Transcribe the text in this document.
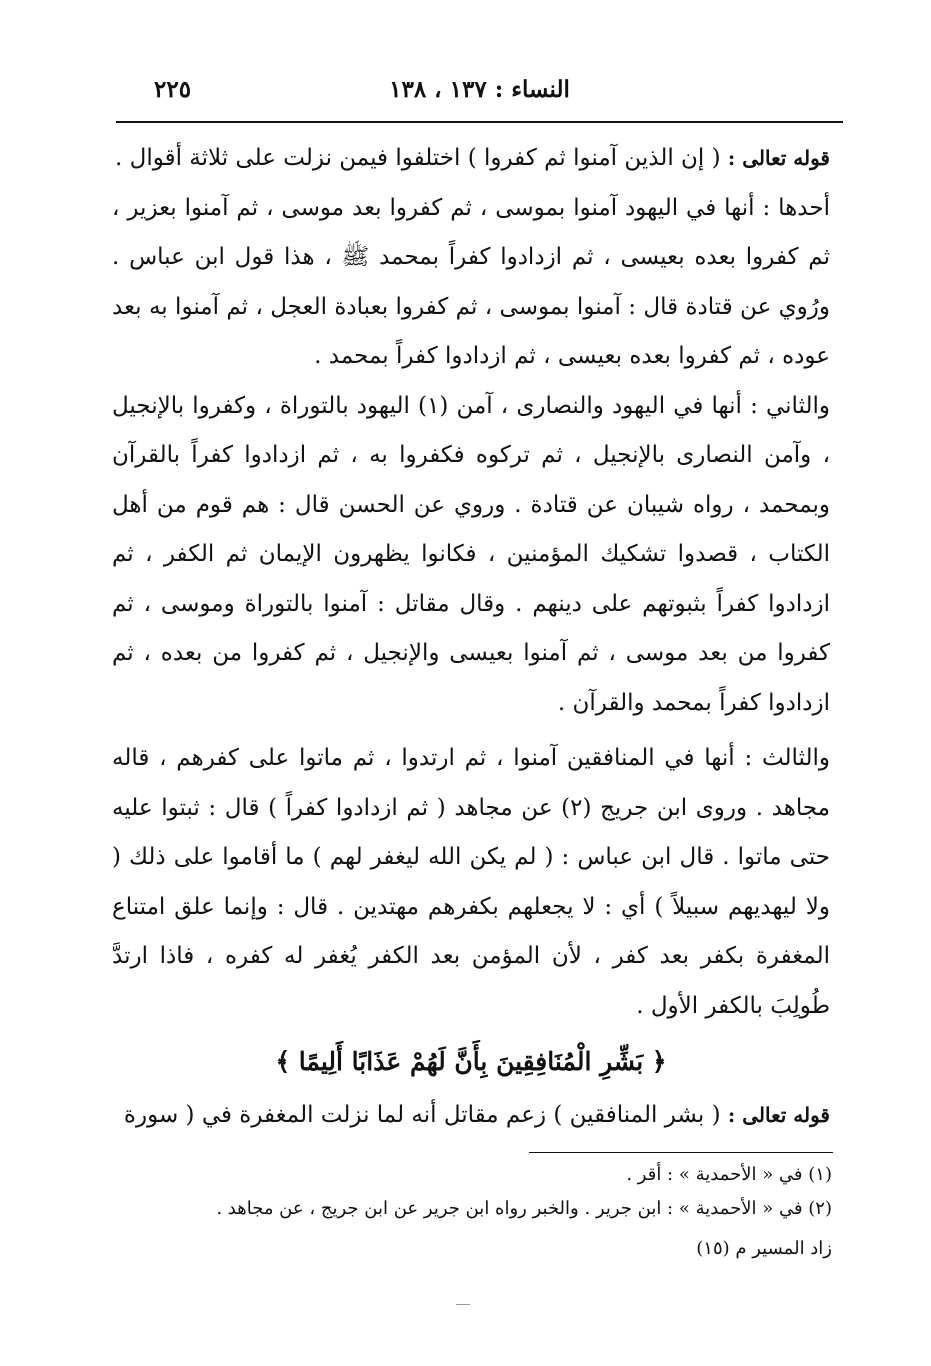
النساء : ١٣٧ ، ١٣٨
٢٢٥

قوله تعالى : ( إن الذين آمنوا ثم كفروا ) اختلفوا فيمن نزلت على ثلاثة أقوال .

أحدها : أنها في اليهود آمنوا بموسى ، ثم كفروا بعد موسى ، ثم آمنوا بعزير ، ثم كفروا بعده بعيسى ، ثم ازدادوا كفراً بمحمد ﷺ ، هذا قول ابن عباس . ورُوي عن قتادة قال : آمنوا بموسى ، ثم كفروا بعبادة العجل ، ثم آمنوا به بعد عوده ، ثم كفروا بعده بعيسى ، ثم ازدادوا كفراً بمحمد .

والثاني : أنها في اليهود والنصارى ، آمن (١) اليهود بالتوراة ، وكفروا بالإنجيل ، وآمن النصارى بالإنجيل ، ثم تركوه فكفروا به ، ثم ازدادوا كفراً بالقرآن وبمحمد ، رواه شيبان عن قتادة . وروي عن الحسن قال : هم قوم من أهل الكتاب ، قصدوا تشكيك المؤمنين ، فكانوا يظهرون الإيمان ثم الكفر ، ثم ازدادوا كفراً بثبوتهم على دينهم . وقال مقاتل : آمنوا بالتوراة وموسى ، ثم كفروا من بعد موسى ، ثم آمنوا بعيسى والإنجيل ، ثم كفروا من بعده ، ثم ازدادوا كفراً بمحمد والقرآن .

والثالث : أنها في المنافقين آمنوا ، ثم ارتدوا ، ثم ماتوا على كفرهم ، قاله مجاهد . وروى ابن جريج (٢) عن مجاهد ( ثم ازدادوا كفراً ) قال : ثبتوا عليه حتى ماتوا . قال ابن عباس : ( لم يكن الله ليغفر لهم ) ما أقاموا على ذلك ( ولا ليهديهم سبيلاً ) أي : لا يجعلهم بكفرهم مهتدين . قال : وإنما علق امتناع المغفرة بكفر بعد كفر ، لأن المؤمن بعد الكفر يُغفر له كفره ، فاذا ارتدَّ طُولِبَ بالكفر الأول .

﴿ بَشِّرِ الْمُنَافِقِينَ بِأَنَّ لَهُمْ عَذَابًا أَلِيمًا ﴾

قوله تعالى : ( بشر المنافقين ) زعم مقاتل أنه لما نزلت المغفرة في ( سورة

(١) في « الأحمدية » : أقر .

(٢) في « الأحمدية » : ابن جرير . والخبر رواه ابن جرير عن ابن جريج ، عن مجاهد .

زاد المسير م (١٥)
